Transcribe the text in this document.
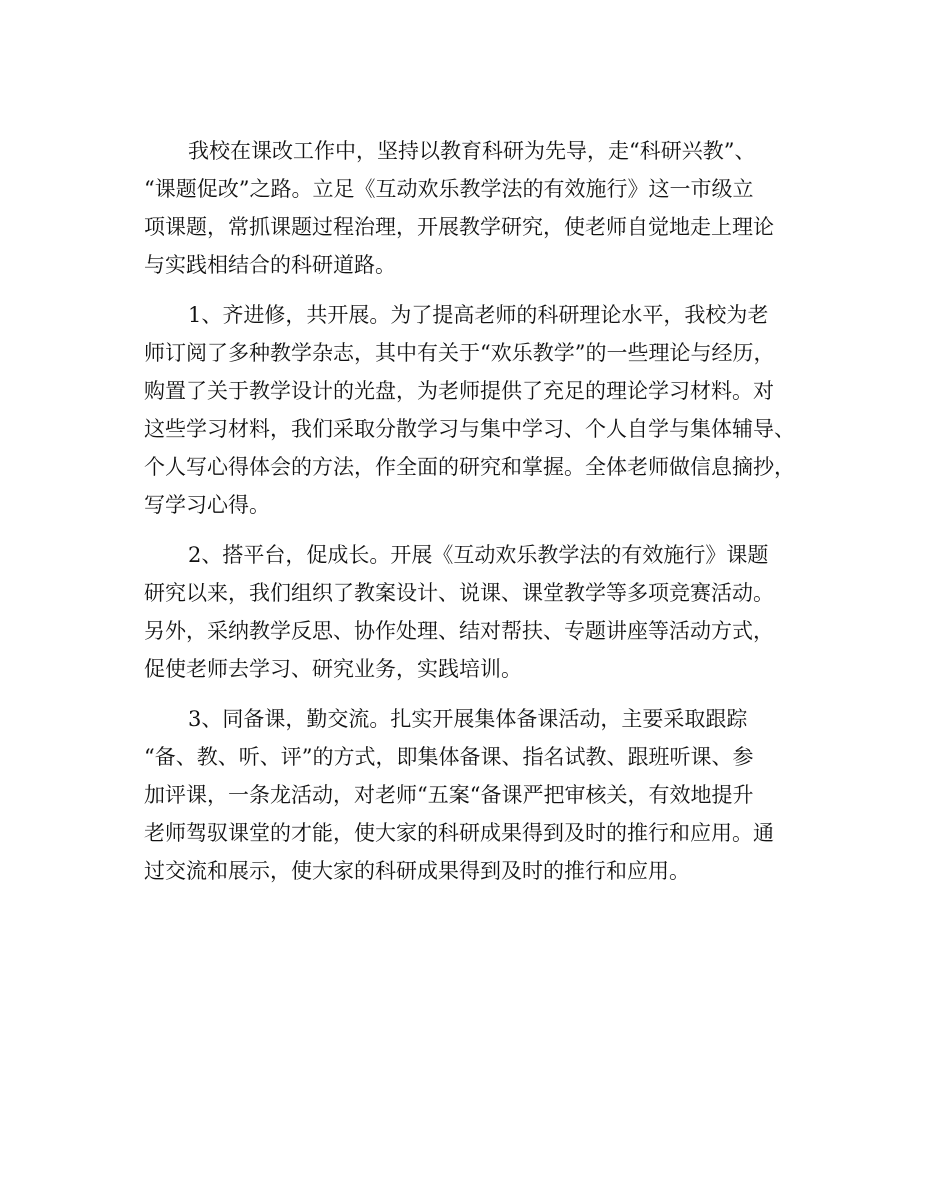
我校在课改工作中，坚持以教育科研为先导，走“科研兴教”、
“课题促改”之路。立足《互动欢乐教学法的有效施行》这一市级立
项课题，常抓课题过程治理，开展教学研究，使老师自觉地走上理论
与实践相结合的科研道路。
1、齐进修，共开展。为了提高老师的科研理论水平，我校为老
师订阅了多种教学杂志，其中有关于“欢乐教学”的一些理论与经历，
购置了关于教学设计的光盘，为老师提供了充足的理论学习材料。对
这些学习材料，我们采取分散学习与集中学习、个人自学与集体辅导、
个人写心得体会的方法，作全面的研究和掌握。全体老师做信息摘抄，
写学习心得。
2、搭平台，促成长。开展《互动欢乐教学法的有效施行》课题
研究以来，我们组织了教案设计、说课、课堂教学等多项竞赛活动。
另外，采纳教学反思、协作处理、结对帮扶、专题讲座等活动方式，
促使老师去学习、研究业务，实践培训。
3、同备课，勤交流。扎实开展集体备课活动，主要采取跟踪
“备、教、听、评”的方式，即集体备课、指名试教、跟班听课、参
加评课，一条龙活动，对老师“五案“备课严把审核关，有效地提升
老师驾驭课堂的才能，使大家的科研成果得到及时的推行和应用。通
过交流和展示，使大家的科研成果得到及时的推行和应用。
